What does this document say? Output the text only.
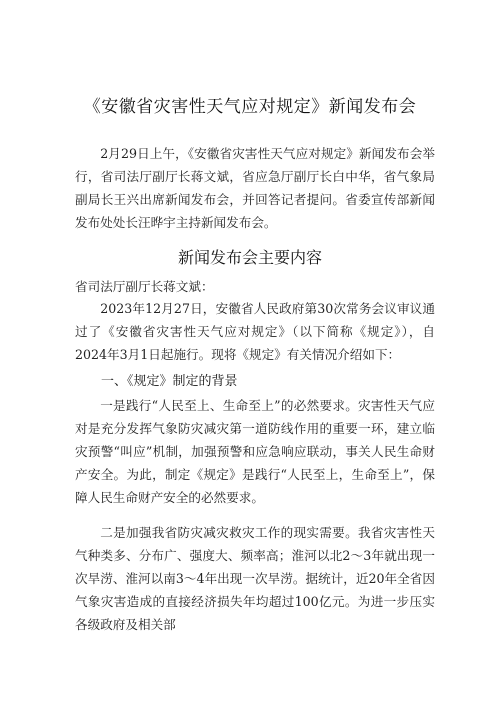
《安徽省灾害性天气应对规定》新闻发布会

2月29日上午，《安徽省灾害性天气应对规定》新闻发布会举行，省司法厅副厅长蒋文斌，省应急厅副厅长白中华，省气象局副局长王兴出席新闻发布会，并回答记者提问。省委宣传部新闻发布处处长汪晔宇主持新闻发布会。

新闻发布会主要内容

省司法厅副厅长蒋文斌：

2023年12月27日，安徽省人民政府第30次常务会议审议通过了《安徽省灾害性天气应对规定》（以下简称《规定》），自2024年3月1日起施行。现将《规定》有关情况介绍如下：

一、《规定》制定的背景

一是践行“人民至上、生命至上”的必然要求。灾害性天气应对是充分发挥气象防灾减灾第一道防线作用的重要一环，建立临灾预警“叫应”机制，加强预警和应急响应联动，事关人民生命财产安全。为此，制定《规定》是践行“人民至上，生命至上”，保障人民生命财产安全的必然要求。

二是加强我省防灾减灾救灾工作的现实需要。我省灾害性天气种类多、分布广、强度大、频率高；淮河以北2～3年就出现一次旱涝、淮河以南3～4年出现一次旱涝。据统计，近20年全省因气象灾害造成的直接经济损失年均超过100亿元。为进一步压实各级政府及相关部
